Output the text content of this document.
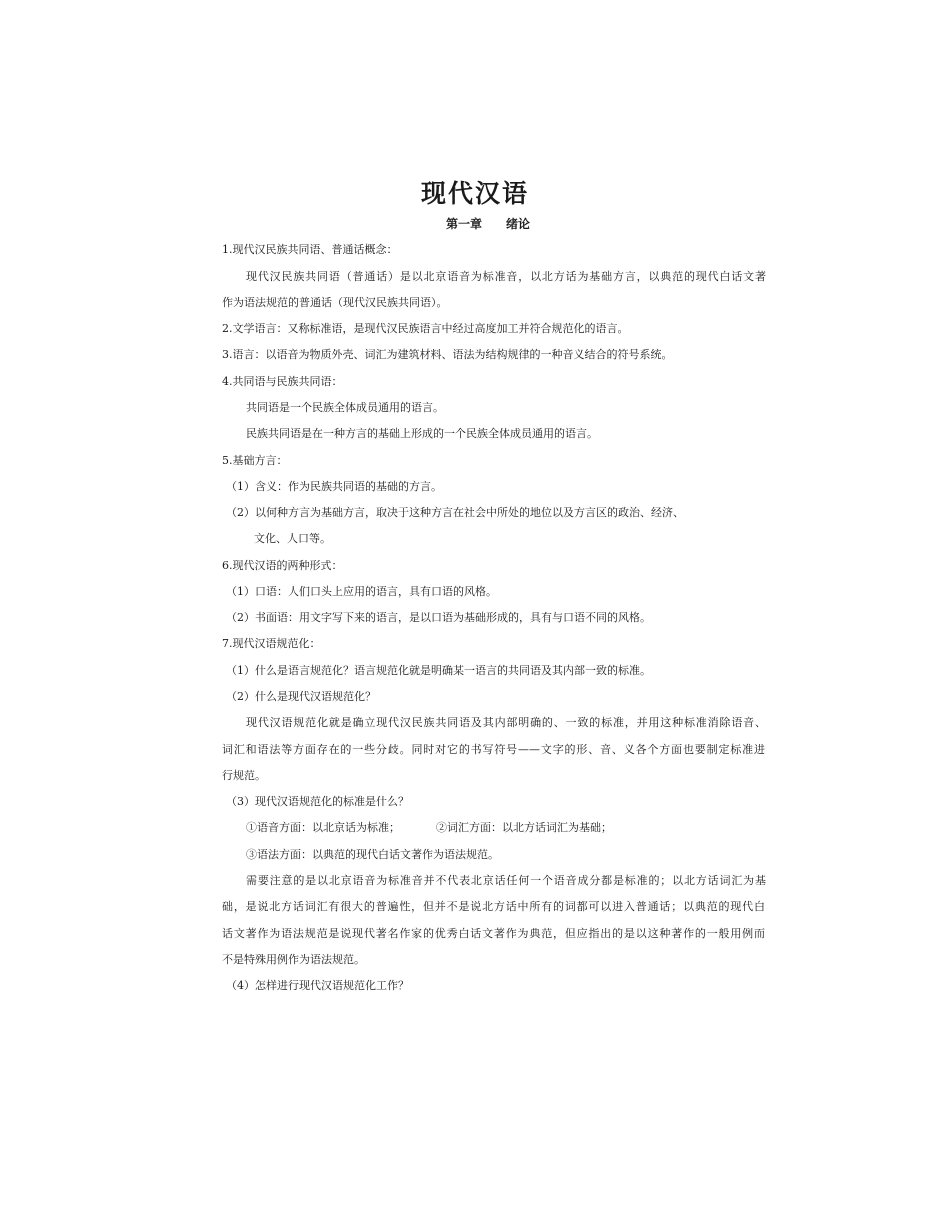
现代汉语
第一章　　绪论
1.现代汉民族共同语、普通话概念：
现代汉民族共同语（普通话）是以北京语音为标准音，以北方话为基础方言，以典范的现代白话文著
作为语法规范的普通话（现代汉民族共同语）。
2.文学语言：又称标准语，是现代汉民族语言中经过高度加工并符合规范化的语言。
3.语言：以语音为物质外壳、词汇为建筑材料、语法为结构规律的一种音义结合的符号系统。
4.共同语与民族共同语：
共同语是一个民族全体成员通用的语言。
民族共同语是在一种方言的基础上形成的一个民族全体成员通用的语言。
5.基础方言：
（1）含义：作为民族共同语的基础的方言。
（2）以何种方言为基础方言，取决于这种方言在社会中所处的地位以及方言区的政治、经济、
文化、人口等。
6.现代汉语的两种形式：
（1）口语：人们口头上应用的语言，具有口语的风格。
（2）书面语：用文字写下来的语言，是以口语为基础形成的，具有与口语不同的风格。
7.现代汉语规范化：
（1）什么是语言规范化？语言规范化就是明确某一语言的共同语及其内部一致的标准。
（2）什么是现代汉语规范化？
现代汉语规范化就是确立现代汉民族共同语及其内部明确的、一致的标准，并用这种标准消除语音、
词汇和语法等方面存在的一些分歧。同时对它的书写符号——文字的形、音、义各个方面也要制定标准进
行规范。
（3）现代汉语规范化的标准是什么？
①语音方面：以北京话为标准；	②词汇方面：以北方话词汇为基础；
③语法方面：以典范的现代白话文著作为语法规范。
需要注意的是以北京语音为标准音并不代表北京话任何一个语音成分都是标准的；以北方话词汇为基
础，是说北方话词汇有很大的普遍性，但并不是说北方话中所有的词都可以进入普通话；以典范的现代白
话文著作为语法规范是说现代著名作家的优秀白话文著作为典范，但应指出的是以这种著作的一般用例而
不是特殊用例作为语法规范。
（4）怎样进行现代汉语规范化工作？
